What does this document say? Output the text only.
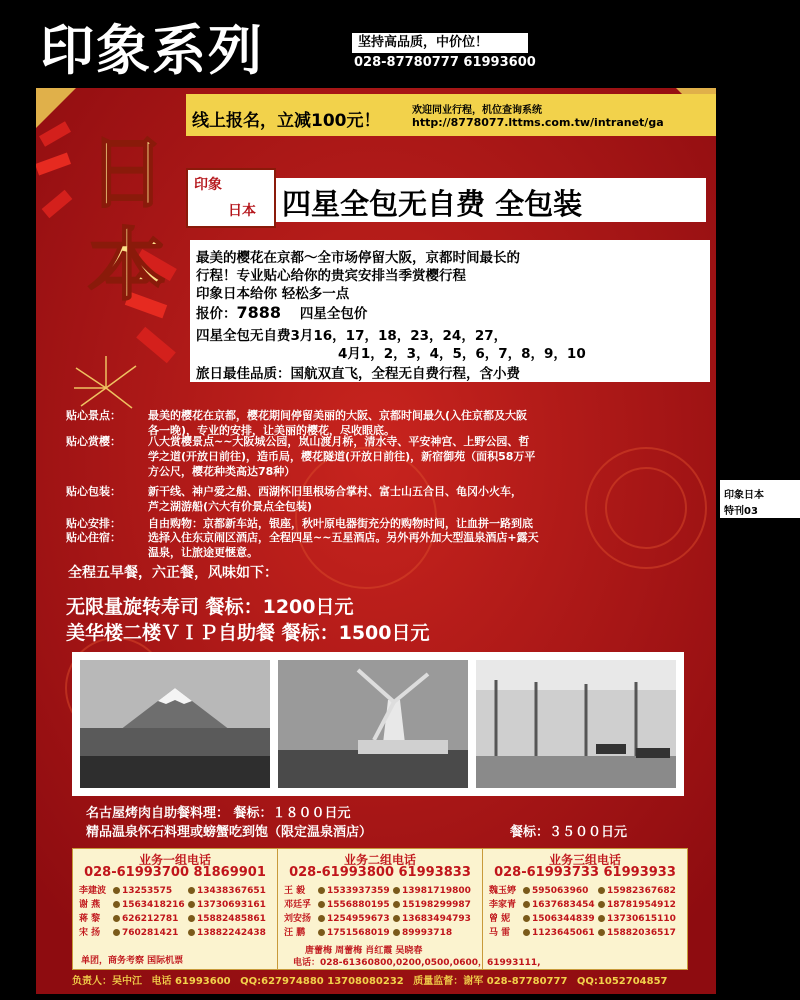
印象系列	坚持高品质，中价位！
028-87780777 61993600
线上报名，立减100元！
欢迎同业行程，机位查询系统
http://8778077.lttms.com.tw/intranet/ga
日本
印象
日本 四星全包无自费 全包装
最美的樱花在京都～全市场停留大阪，京都时间最长的
行程！专业贴心给你的贵宾安排当季赏樱行程
印象日本给你 轻松多一点
报价：7888 四星全包价
四星全包无自费3月16，17，18，23，24，27，
4月1，2，3，4，5，6，7，8，9，10
旅日最佳品质：国航双直飞，全程无自费行程，含小费
贴心景点： 最美的樱花在京都，樱花期间停留美丽的大阪、京都时间最久(入住京都及大阪
各一晚)，专业的安排，让美丽的樱花，尽收眼底。
贴心赏樱： 八大赏樱景点~~大阪城公园，岚山渡月桥，清水寺、平安神宫、上野公园、哲
学之道(开放日前往)，造币局，樱花隧道(开放日前往)，新宿御苑（面积58万平
方公尺，樱花种类高达78种）
贴心包装： 新干线、神户爱之船、西湖怀旧里根场合掌村、富士山五合目、龟冈小火车，
芦之湖游船(六大有价景点全包装)
贴心安排： 自由购物：京都新车站，银座，秋叶原电器街充分的购物时间，让血拼一路到底
贴心住宿： 选择入住东京闹区酒店，全程四星~~五星酒店。另外再外加大型温泉酒店+露天
温泉，让旅途更惬意。
全程五早餐，六正餐，风味如下：
无限量旋转寿司 餐标：1200日元
美华楼二楼ＶＩＰ自助餐 餐标：1500日元
名古屋烤肉自助餐料理： 餐标：１８００日元
精品温泉怀石料理或螃蟹吃到饱（限定温泉酒店）	餐标：３５００日元
业务一组电话
028-61993700 81869901
李建波 13253575	13438367651
谢 燕 1563418216 13730693161
蒋 黎 626212781 15882485861
宋 扬 760281421 13882242438
业务二组电话
028-61993800 61993833
王 毅 1533937359 13981719800
邓廷孚 1556880195 15198299987
刘安扬 1254959673 13683494793
汪 鹏 1751568019 89993718
业务三组电话
028-61993733 61993933
魏玉婷 595063960 15982367682
李家青 1637683454 18781954912
曾 妮 1506344839 13730615110
马 雷 1123645061 15882036517
单团，商务考察 国际机票
唐蕾梅 周蕾梅 肖红霞 吴晓春
电话：028-61360800,0200,0500,0600，61993111,
负责人：吴中江 电话 61993600 QQ:627974880 13708080232 质量监督：谢军 028-87780777 QQ:1052704857
印象日本
特刊03
